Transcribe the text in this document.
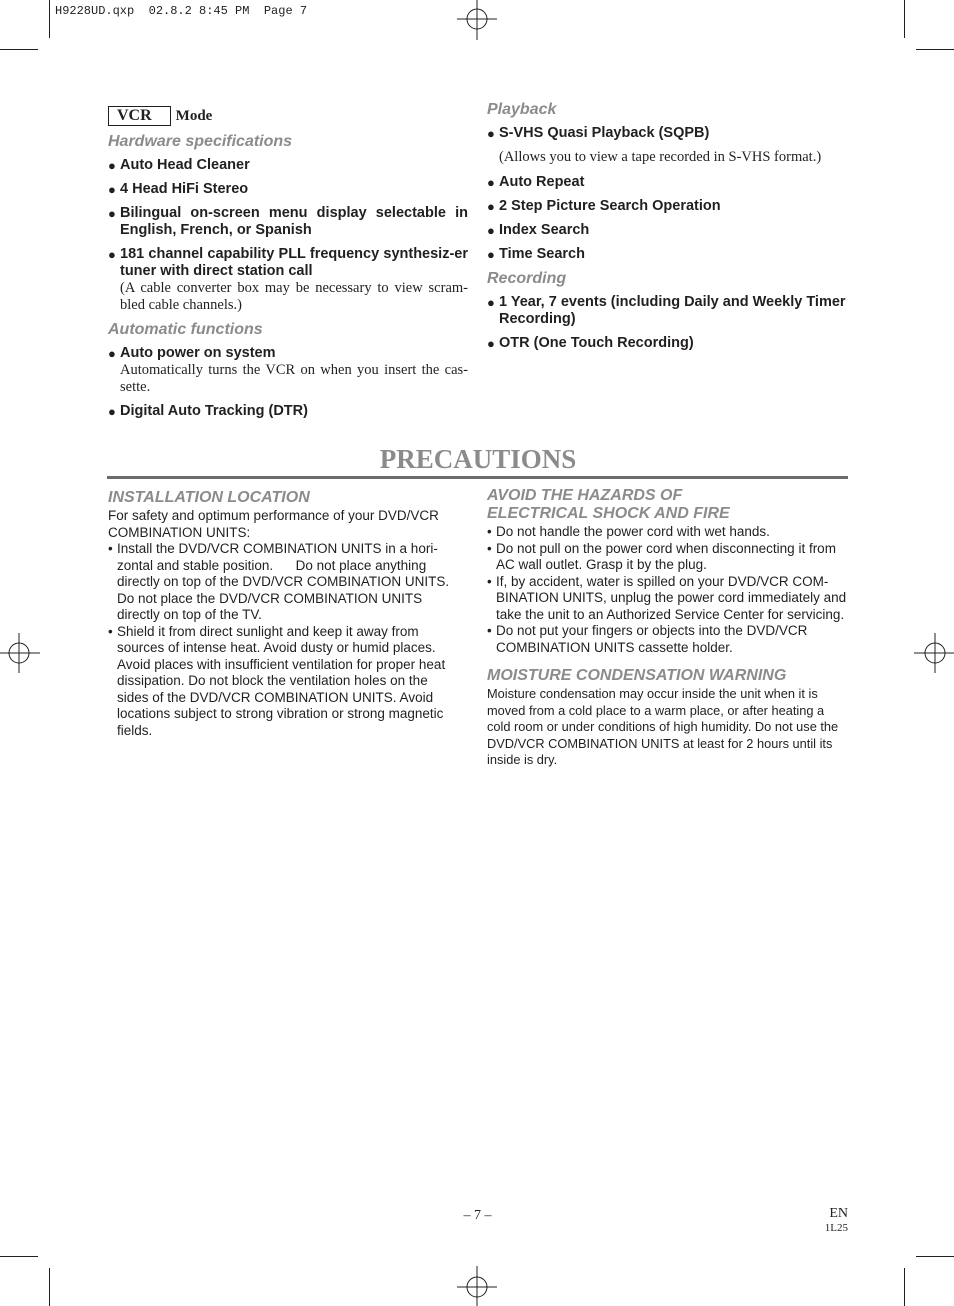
H9228UD.qxp  02.8.2 8:45 PM  Page 7
VCR Mode
Hardware specifications
● Auto Head Cleaner
● 4 Head HiFi Stereo
● Bilingual on-screen menu display selectable in English, French, or Spanish
● 181 channel capability PLL frequency synthesiz-er tuner with direct station call
(A cable converter box may be necessary to view scram-bled cable channels.)
Automatic functions
● Auto power on system
Automatically turns the VCR on when you insert the cas-sette.
● Digital Auto Tracking (DTR)
Playback
● S-VHS Quasi Playback (SQPB)
(Allows you to view a tape recorded in S-VHS format.)
● Auto Repeat
● 2 Step Picture Search Operation
● Index Search
● Time Search
Recording
● 1 Year, 7 events (including Daily and Weekly Timer Recording)
● OTR (One Touch Recording)
PRECAUTIONS
INSTALLATION LOCATION
For safety and optimum performance of your DVD/VCR COMBINATION UNITS:
• Install the DVD/VCR COMBINATION UNITS in a hori-zontal and stable position.      Do not place anything directly on top of the DVD/VCR COMBINATION UNITS. Do not place the DVD/VCR COMBINATION UNITS directly on top of the TV.
• Shield it from direct sunlight and keep it away from sources of intense heat. Avoid dusty or humid places. Avoid places with insufficient ventilation for proper heat dissipation. Do not block the ventilation holes on the sides of the DVD/VCR COMBINATION UNITS. Avoid locations subject to strong vibration or strong magnetic fields.
AVOID THE HAZARDS OF
ELECTRICAL SHOCK AND FIRE
• Do not handle the power cord with wet hands.
• Do not pull on the power cord when disconnecting it from AC wall outlet. Grasp it by the plug.
• If, by accident, water is spilled on your DVD/VCR COM-BINATION UNITS, unplug the power cord immediately and take the unit to an Authorized Service Center for servicing.
• Do not put your fingers or objects into the DVD/VCR COMBINATION UNITS cassette holder.
MOISTURE CONDENSATION WARNING
Moisture condensation may occur inside the unit when it is moved from a cold place to a warm place, or after heating a cold room or under conditions of high humidity. Do not use the DVD/VCR COMBINATION UNITS at least for 2 hours until its inside is dry.
– 7 –	EN
1L25
